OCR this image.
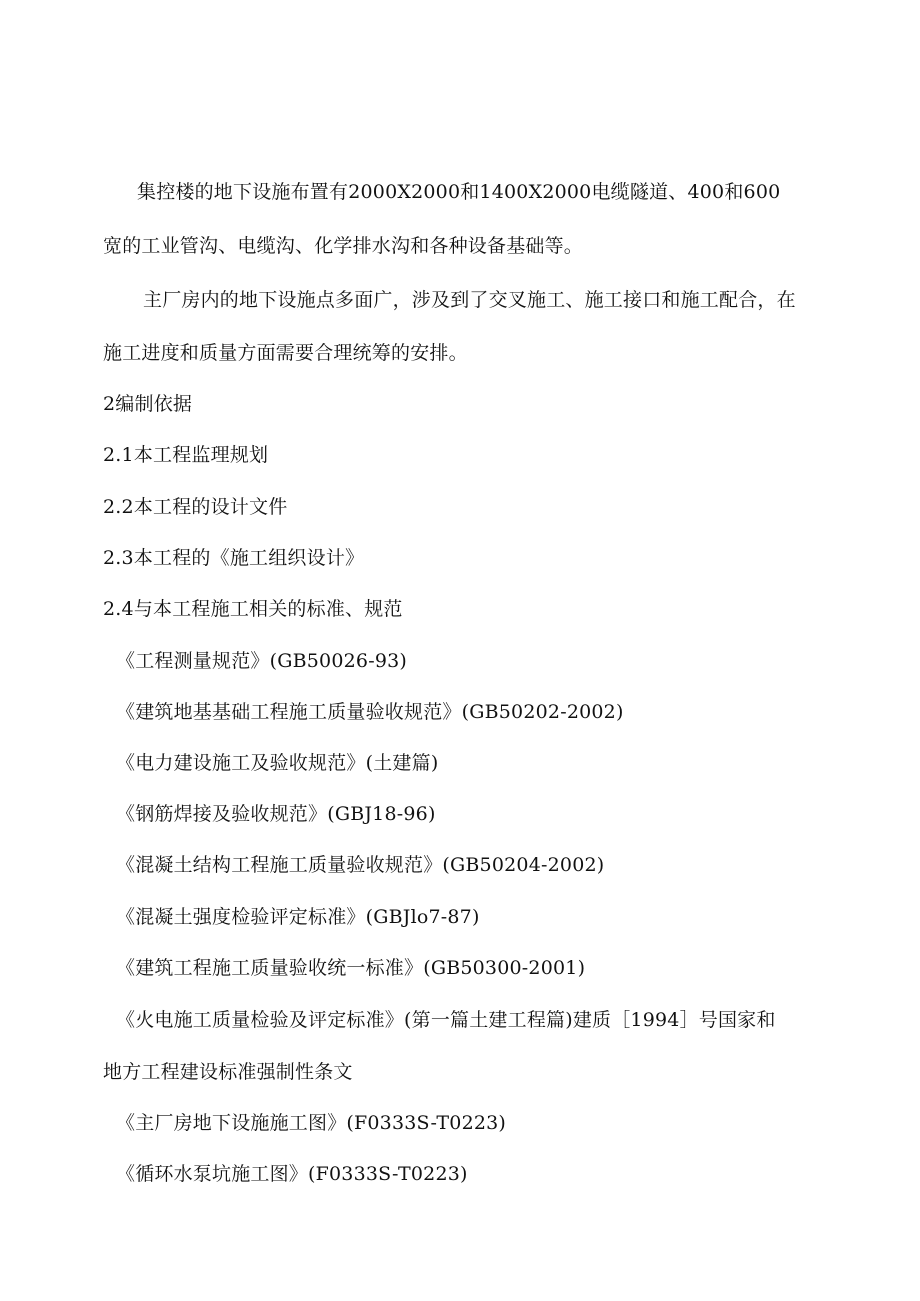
集控楼的地下设施布置有2000X2000和1400X2000电缆隧道、400和600
宽的工业管沟、电缆沟、化学排水沟和各种设备基础等。
主厂房内的地下设施点多面广，涉及到了交叉施工、施工接口和施工配合，在
施工进度和质量方面需要合理统筹的安排。
2编制依据
2.1本工程监理规划
2.2本工程的设计文件
2.3本工程的《施工组织设计》
2.4与本工程施工相关的标准、规范
《工程测量规范》(GB50026-93)
《建筑地基基础工程施工质量验收规范》(GB50202-2002)
《电力建设施工及验收规范》(土建篇)
《钢筋焊接及验收规范》(GBJ18-96)
《混凝土结构工程施工质量验收规范》(GB50204-2002)
《混凝土强度检验评定标准》(GBJlo7-87)
《建筑工程施工质量验收统一标准》(GB50300-2001)
《火电施工质量检验及评定标准》(第一篇土建工程篇)建质［1994］号国家和
地方工程建设标准强制性条文
《主厂房地下设施施工图》(F0333S-T0223)
《循环水泵坑施工图》(F0333S-T0223)
